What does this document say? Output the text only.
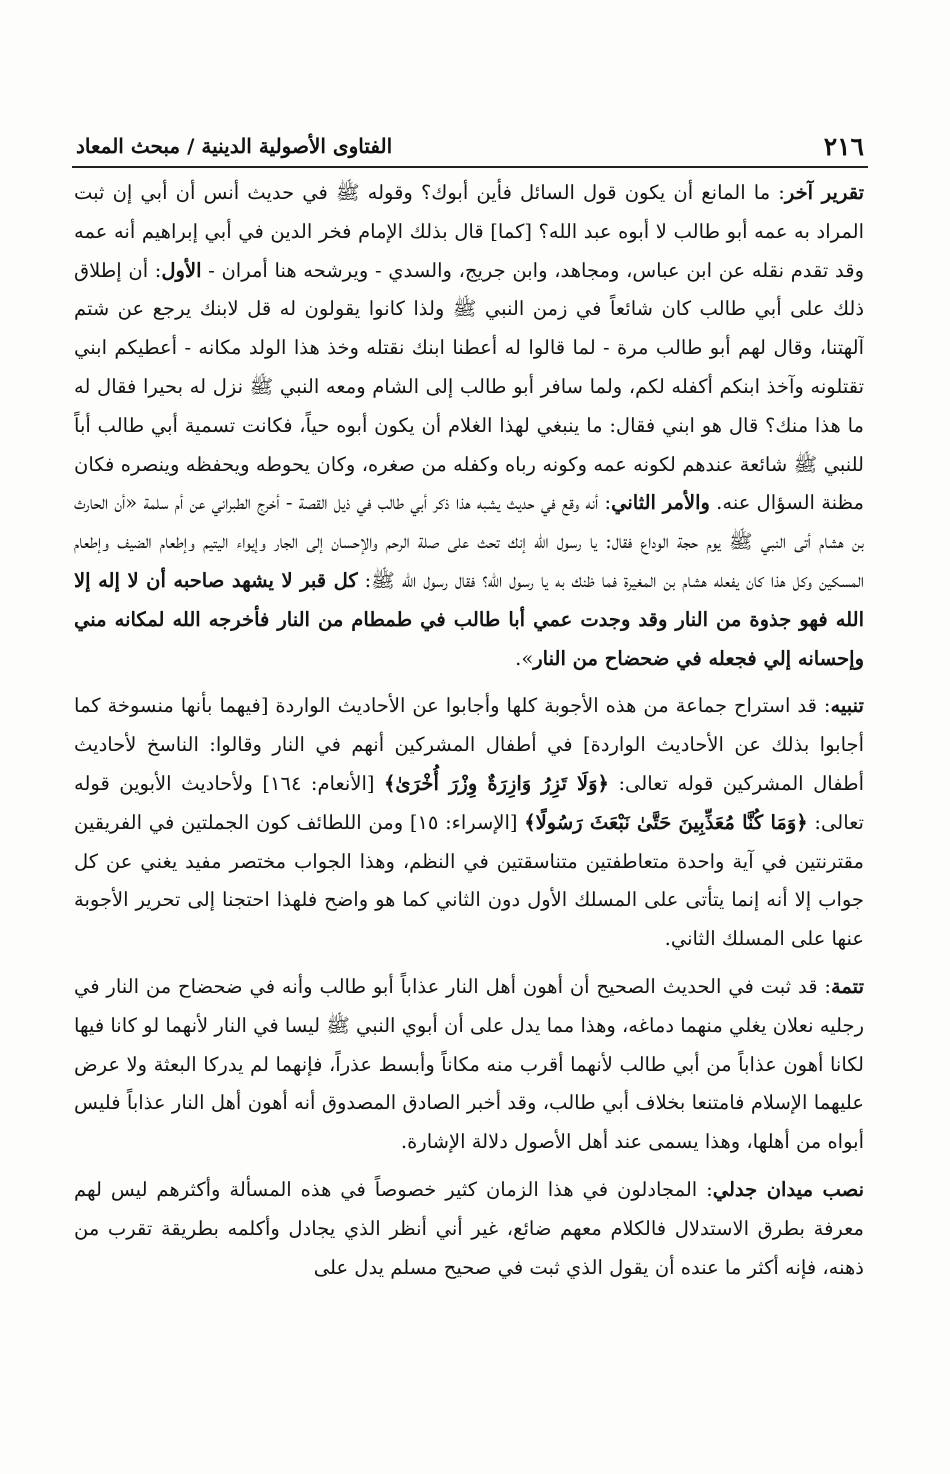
٢١٦
الفتاوى الأصولية الدينية / مبحث المعاد

تقرير آخر: ما المانع أن يكون قول السائل فأين أبوك؟ وقوله ﷺ في حديث أنس أن أبي إن ثبت المراد به عمه أبو طالب لا أبوه عبد الله؟ [كما] قال بذلك الإمام فخر الدين في أبي إبراهيم أنه عمه وقد تقدم نقله عن ابن عباس، ومجاهد، وابن جريج، والسدي - ويرشحه هنا أمران - الأول: أن إطلاق ذلك على أبي طالب كان شائعاً في زمن النبي ﷺ ولذا كانوا يقولون له قل لابنك يرجع عن شتم آلهتنا، وقال لهم أبو طالب مرة - لما قالوا له أعطنا ابنك نقتله وخذ هذا الولد مكانه - أعطيكم ابني تقتلونه وآخذ ابنكم أكفله لكم، ولما سافر أبو طالب إلى الشام ومعه النبي ﷺ نزل له بحيرا فقال له ما هذا منك؟ قال هو ابني فقال: ما ينبغي لهذا الغلام أن يكون أبوه حياً، فكانت تسمية أبي طالب أباً للنبي ﷺ شائعة عندهم لكونه عمه وكونه رباه وكفله من صغره، وكان يحوطه ويحفظه وينصره فكان مظنة السؤال عنه. والأمر الثاني: أنه وقع في حديث يشبه هذا ذكر أبي طالب في ذيل القصة - أخرج الطبراني عن أم سلمة «أن الحارث بن هشام أتى النبي ﷺ يوم حجة الوداع فقال: يا رسول الله إنك تحث على صلة الرحم والإحسان إلى الجار وإيواء اليتيم وإطعام الضيف وإطعام المسكين وكل هذا كان يفعله هشام بن المغيرة فما ظنك به يا رسول الله؟ فقال رسول الله ﷺ: كل قبر لا يشهد صاحبه أن لا إله إلا الله فهو جذوة من النار وقد وجدت عمي أبا طالب في طمطام من النار فأخرجه الله لمكانه مني وإحسانه إلي فجعله في ضحضاح من النار».

تنبيه: قد استراح جماعة من هذه الأجوبة كلها وأجابوا عن الأحاديث الواردة [فيهما بأنها منسوخة كما أجابوا بذلك عن الأحاديث الواردة] في أطفال المشركين أنهم في النار وقالوا: الناسخ لأحاديث أطفال المشركين قوله تعالى: ﴿وَلَا تَزِرُ وَازِرَةٌ وِزْرَ أُخْرَىٰ﴾ [الأنعام: ١٦٤] ولأحاديث الأبوين قوله تعالى: ﴿وَمَا كُنَّا مُعَذِّبِينَ حَتَّىٰ نَبْعَثَ رَسُولًا﴾ [الإسراء: ١٥] ومن اللطائف كون الجملتين في الفريقين مقترنتين في آية واحدة متعاطفتين متناسقتين في النظم، وهذا الجواب مختصر مفيد يغني عن كل جواب إلا أنه إنما يتأتى على المسلك الأول دون الثاني كما هو واضح فلهذا احتجنا إلى تحرير الأجوبة عنها على المسلك الثاني.

تتمة: قد ثبت في الحديث الصحيح أن أهون أهل النار عذاباً أبو طالب وأنه في ضحضاح من النار في رجليه نعلان يغلي منهما دماغه، وهذا مما يدل على أن أبوي النبي ﷺ ليسا في النار لأنهما لو كانا فيها لكانا أهون عذاباً من أبي طالب لأنهما أقرب منه مكاناً وأبسط عذراً، فإنهما لم يدركا البعثة ولا عرض عليهما الإسلام فامتنعا بخلاف أبي طالب، وقد أخبر الصادق المصدوق أنه أهون أهل النار عذاباً فليس أبواه من أهلها، وهذا يسمى عند أهل الأصول دلالة الإشارة.

نصب ميدان جدلي: المجادلون في هذا الزمان كثير خصوصاً في هذه المسألة وأكثرهم ليس لهم معرفة بطرق الاستدلال فالكلام معهم ضائع، غير أني أنظر الذي يجادل وأكلمه بطريقة تقرب من ذهنه، فإنه أكثر ما عنده أن يقول الذي ثبت في صحيح مسلم يدل على
